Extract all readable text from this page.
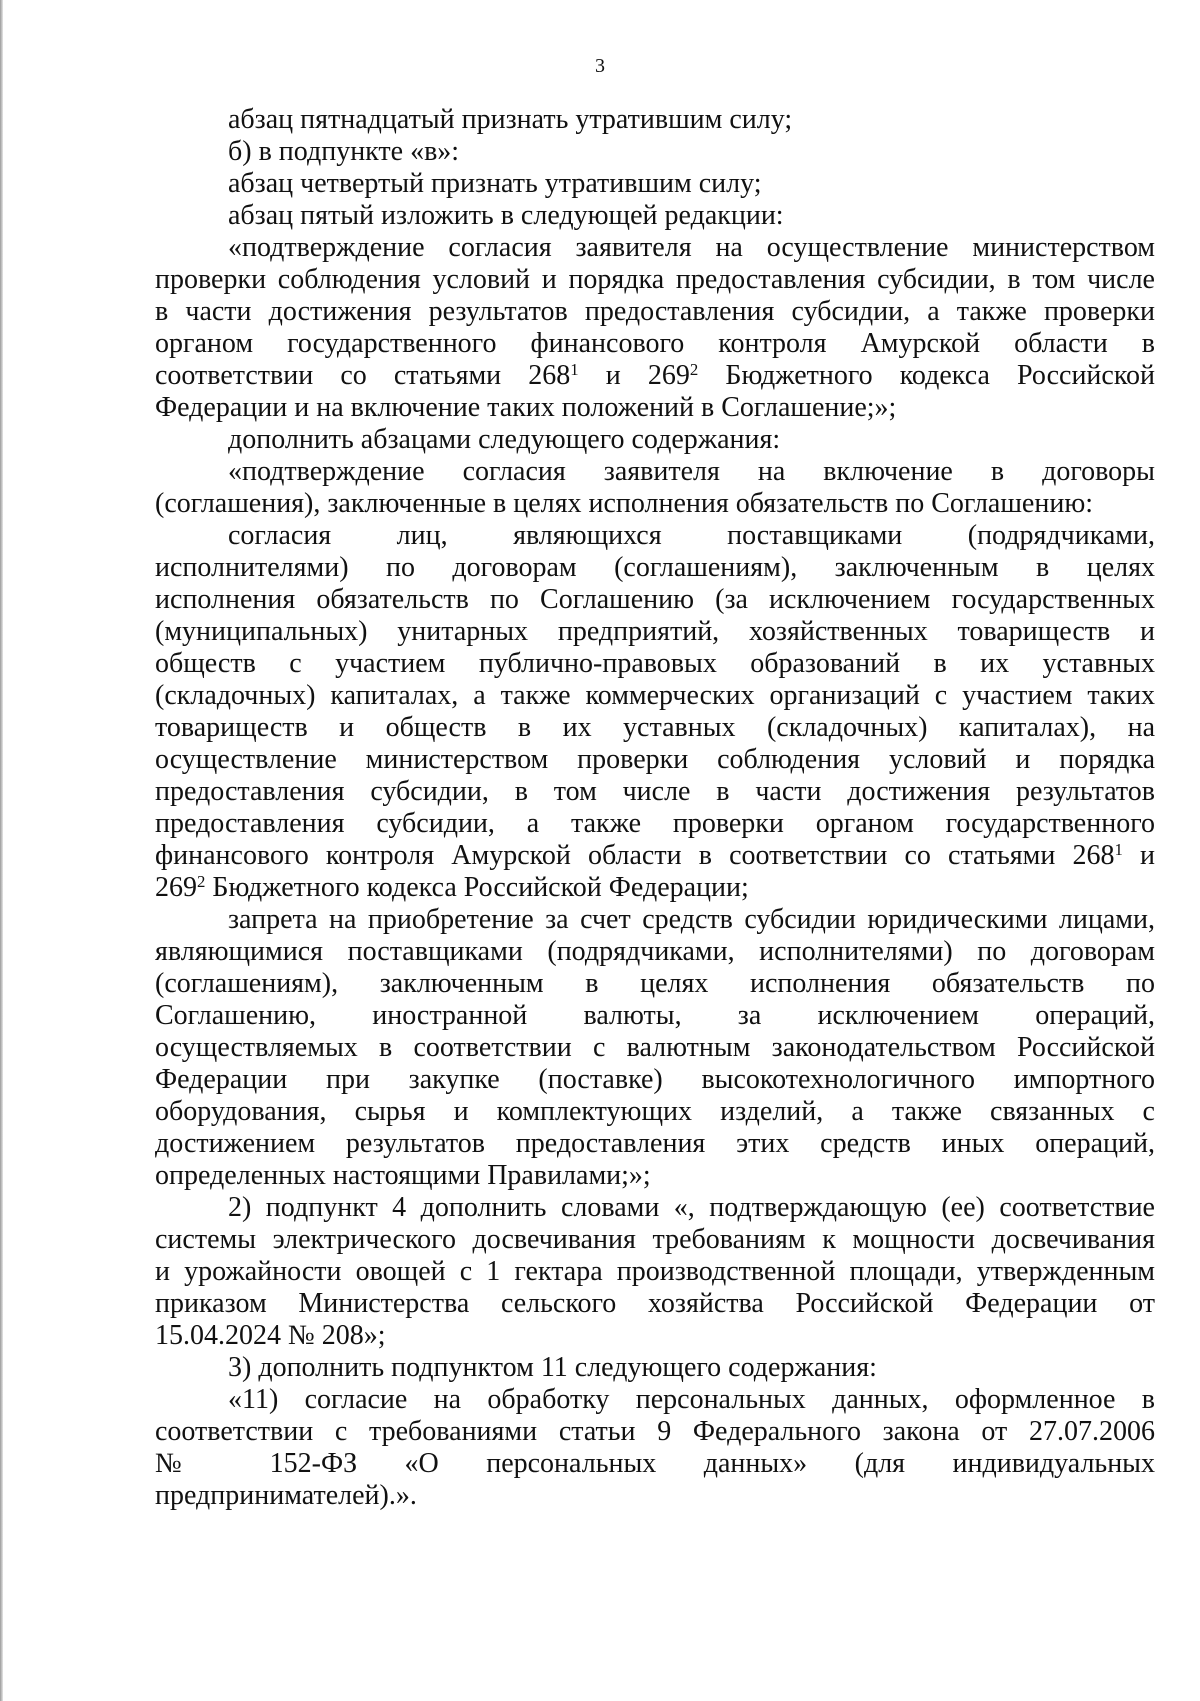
3
абзац пятнадцатый признать утратившим силу;
б) в подпункте «в»:
абзац четвертый признать утратившим силу;
абзац пятый изложить в следующей редакции:
«подтверждение согласия заявителя на осуществление министерством
проверки соблюдения условий и порядка предоставления субсидии, в том числе
в части достижения результатов предоставления субсидии, а также проверки
органом государственного финансового контроля Амурской области в
соответствии со статьями $268^1$ и $269^2$ Бюджетного кодекса Российской
Федерации и на включение таких положений в Соглашение;»;
дополнить абзацами следующего содержания:
«подтверждение согласия заявителя на включение в договоры
(соглашения), заключенные в целях исполнения обязательств по Соглашению:
согласия лиц, являющихся поставщиками (подрядчиками,
исполнителями) по договорам (соглашениям), заключенным в целях
исполнения обязательств по Соглашению (за исключением государственных
(муниципальных) унитарных предприятий, хозяйственных товариществ и
обществ с участием публично-правовых образований в их уставных
(складочных) капиталах, а также коммерческих организаций с участием таких
товариществ и обществ в их уставных (складочных) капиталах), на
осуществление министерством проверки соблюдения условий и порядка
предоставления субсидии, в том числе в части достижения результатов
предоставления субсидии, а также проверки органом государственного
финансового контроля Амурской области в соответствии со статьями $268^1$ и
$269^2$ Бюджетного кодекса Российской Федерации;
запрета на приобретение за счет средств субсидии юридическими лицами,
являющимися поставщиками (подрядчиками, исполнителями) по договорам
(соглашениям), заключенным в целях исполнения обязательств по
Соглашению, иностранной валюты, за исключением операций,
осуществляемых в соответствии с валютным законодательством Российской
Федерации при закупке (поставке) высокотехнологичного импортного
оборудования, сырья и комплектующих изделий, а также связанных с
достижением результатов предоставления этих средств иных операций,
определенных настоящими Правилами;»;
2) подпункт 4 дополнить словами «, подтверждающую (ее) соответствие
системы электрического досвечивания требованиям к мощности досвечивания
и урожайности овощей с 1 гектара производственной площади, утвержденным
приказом Министерства сельского хозяйства Российской Федерации от
15.04.2024 № 208»;
3) дополнить подпунктом 11 следующего содержания:
«11) согласие на обработку персональных данных, оформленное в
соответствии с требованиями статьи 9 Федерального закона от 27.07.2006
№ 152-ФЗ «О персональных данных» (для индивидуальных
предпринимателей).».
